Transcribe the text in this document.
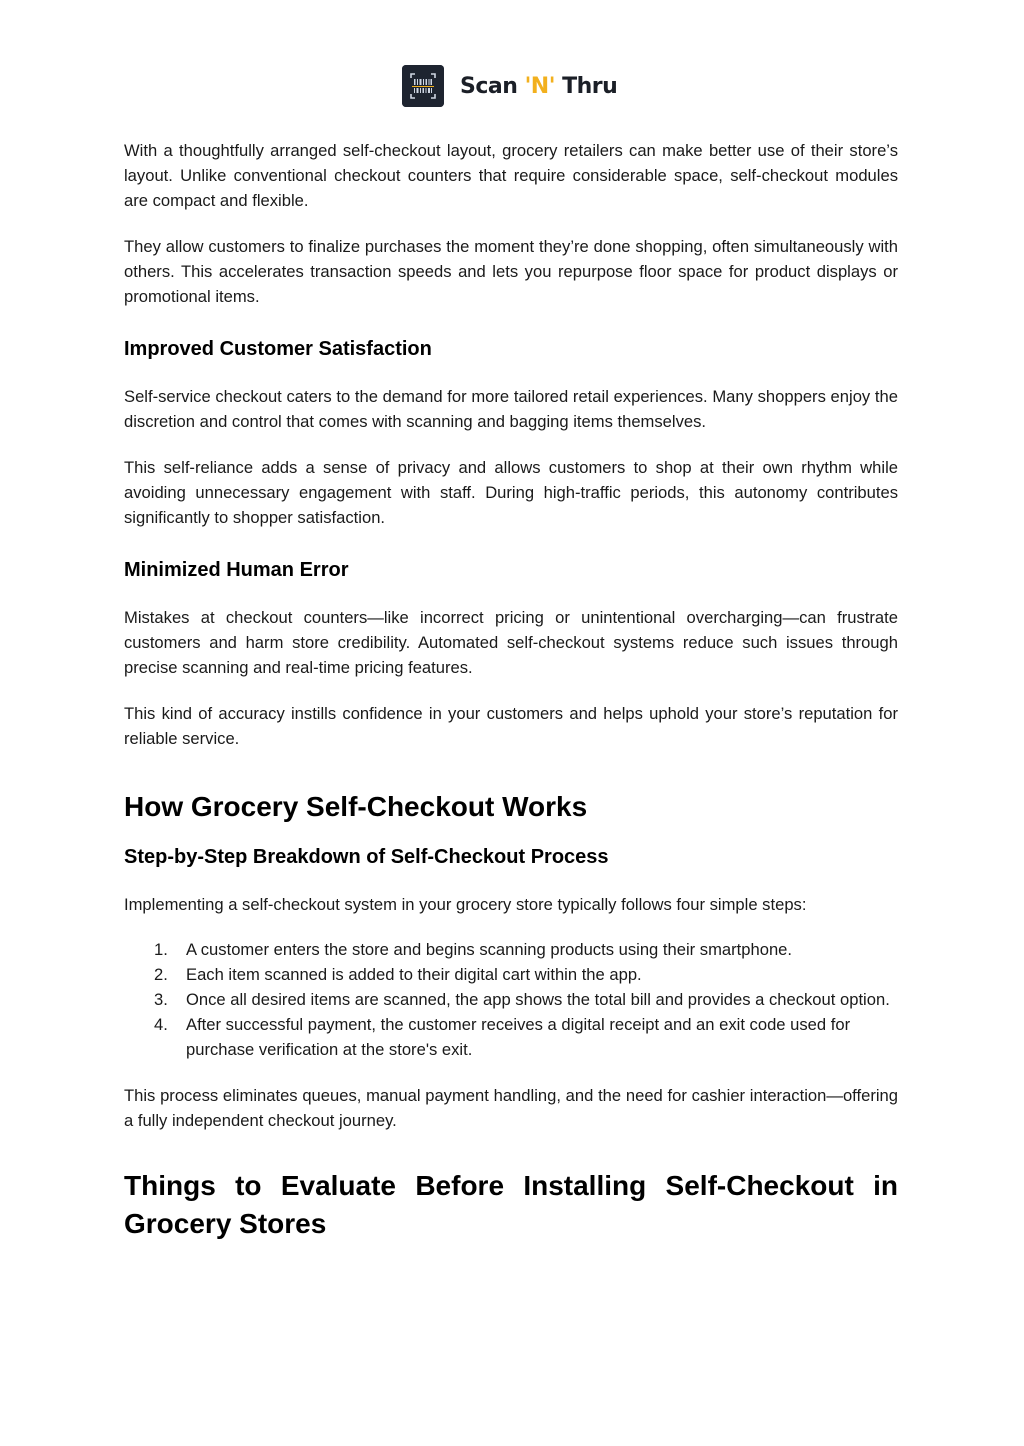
Scan 'N' Thru

With a thoughtfully arranged self-checkout layout, grocery retailers can make better use of their store’s layout. Unlike conventional checkout counters that require considerable space, self-checkout modules are compact and flexible.

They allow customers to finalize purchases the moment they’re done shopping, often simultaneously with others. This accelerates transaction speeds and lets you repurpose floor space for product displays or promotional items.

Improved Customer Satisfaction

Self-service checkout caters to the demand for more tailored retail experiences. Many shoppers enjoy the discretion and control that comes with scanning and bagging items themselves.

This self-reliance adds a sense of privacy and allows customers to shop at their own rhythm while avoiding unnecessary engagement with staff. During high-traffic periods, this autonomy contributes significantly to shopper satisfaction.

Minimized Human Error

Mistakes at checkout counters—like incorrect pricing or unintentional overcharging—can frustrate customers and harm store credibility. Automated self-checkout systems reduce such issues through precise scanning and real-time pricing features.

This kind of accuracy instills confidence in your customers and helps uphold your store’s reputation for reliable service.

How Grocery Self-Checkout Works
Step-by-Step Breakdown of Self-Checkout Process

Implementing a self-checkout system in your grocery store typically follows four simple steps:

1. A customer enters the store and begins scanning products using their smartphone.
2. Each item scanned is added to their digital cart within the app.
3. Once all desired items are scanned, the app shows the total bill and provides a checkout option.
4. After successful payment, the customer receives a digital receipt and an exit code used for purchase verification at the store's exit.

This process eliminates queues, manual payment handling, and the need for cashier interaction—offering a fully independent checkout journey.

Things to Evaluate Before Installing Self-Checkout in Grocery Stores
